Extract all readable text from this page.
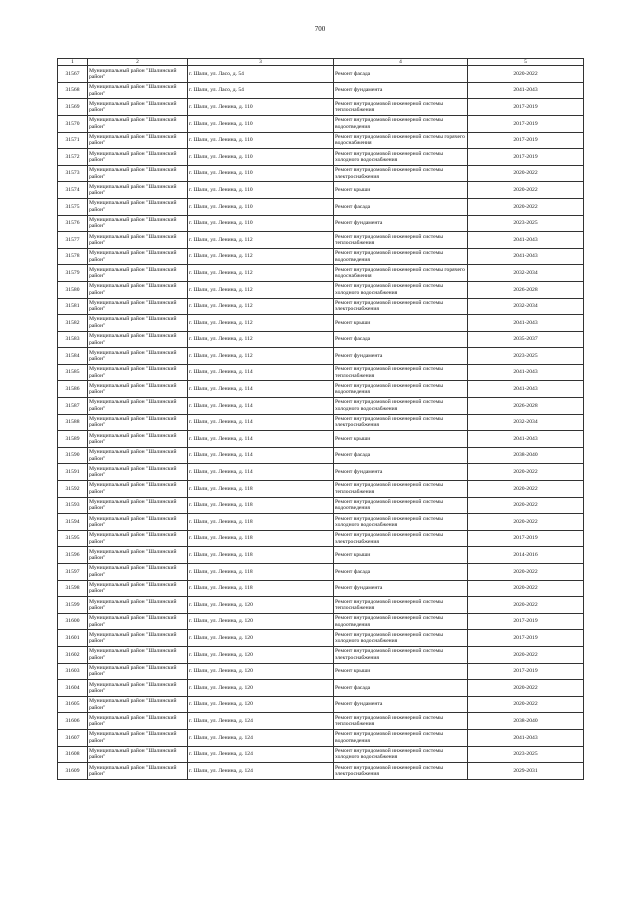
700
1	2	3	4	5
31567	Муниципальный район "Шалинский район"	г. Шали, ул. Ласо, д. 54	Ремонт фасада	2020-2022
31568	Муниципальный район "Шалинский район"	г. Шали, ул. Ласо, д. 54	Ремонт фундамента	2041-2043
31569	Муниципальный район "Шалинский район"	г. Шали, ул. Ленина, д. 110	Ремонт внутридомовой инженерной системы теплоснабжения	2017-2019
31570	Муниципальный район "Шалинский район"	г. Шали, ул. Ленина, д. 110	Ремонт внутридомовой инженерной системы водоотведения	2017-2019
31571	Муниципальный район "Шалинский район"	г. Шали, ул. Ленина, д. 110	Ремонт внутридомовой инженерной системы горячего водоснабжения	2017-2019
31572	Муниципальный район "Шалинский район"	г. Шали, ул. Ленина, д. 110	Ремонт внутридомовой инженерной системы холодного водоснабжения	2017-2019
31573	Муниципальный район "Шалинский район"	г. Шали, ул. Ленина, д. 110	Ремонт внутридомовой инженерной системы электроснабжения	2020-2022
31574	Муниципальный район "Шалинский район"	г. Шали, ул. Ленина, д. 110	Ремонт крыши	2020-2022
31575	Муниципальный район "Шалинский район"	г. Шали, ул. Ленина, д. 110	Ремонт фасада	2020-2022
31576	Муниципальный район "Шалинский район"	г. Шали, ул. Ленина, д. 110	Ремонт фундамента	2023-2025
31577	Муниципальный район "Шалинский район"	г. Шали, ул. Ленина, д. 112	Ремонт внутридомовой инженерной системы теплоснабжения	2041-2043
31578	Муниципальный район "Шалинский район"	г. Шали, ул. Ленина, д. 112	Ремонт внутридомовой инженерной системы водоотведения	2041-2043
31579	Муниципальный район "Шалинский район"	г. Шали, ул. Ленина, д. 112	Ремонт внутридомовой инженерной системы горячего водоснабжения	2032-2034
31580	Муниципальный район "Шалинский район"	г. Шали, ул. Ленина, д. 112	Ремонт внутридомовой инженерной системы холодного водоснабжения	2026-2028
31581	Муниципальный район "Шалинский район"	г. Шали, ул. Ленина, д. 112	Ремонт внутридомовой инженерной системы электроснабжения	2032-2034
31582	Муниципальный район "Шалинский район"	г. Шали, ул. Ленина, д. 112	Ремонт крыши	2041-2043
31583	Муниципальный район "Шалинский район"	г. Шали, ул. Ленина, д. 112	Ремонт фасада	2035-2037
31584	Муниципальный район "Шалинский район"	г. Шали, ул. Ленина, д. 112	Ремонт фундамента	2023-2025
31585	Муниципальный район "Шалинский район"	г. Шали, ул. Ленина, д. 114	Ремонт внутридомовой инженерной системы теплоснабжения	2041-2043
31586	Муниципальный район "Шалинский район"	г. Шали, ул. Ленина, д. 114	Ремонт внутридомовой инженерной системы водоотведения	2041-2043
31587	Муниципальный район "Шалинский район"	г. Шали, ул. Ленина, д. 114	Ремонт внутридомовой инженерной системы холодного водоснабжения	2026-2028
31588	Муниципальный район "Шалинский район"	г. Шали, ул. Ленина, д. 114	Ремонт внутридомовой инженерной системы электроснабжения	2032-2034
31589	Муниципальный район "Шалинский район"	г. Шали, ул. Ленина, д. 114	Ремонт крыши	2041-2043
31590	Муниципальный район "Шалинский район"	г. Шали, ул. Ленина, д. 114	Ремонт фасада	2038-2040
31591	Муниципальный район "Шалинский район"	г. Шали, ул. Ленина, д. 114	Ремонт фундамента	2020-2022
31592	Муниципальный район "Шалинский район"	г. Шали, ул. Ленина, д. 118	Ремонт внутридомовой инженерной системы теплоснабжения	2020-2022
31593	Муниципальный район "Шалинский район"	г. Шали, ул. Ленина, д. 118	Ремонт внутридомовой инженерной системы водоотведения	2020-2022
31594	Муниципальный район "Шалинский район"	г. Шали, ул. Ленина, д. 118	Ремонт внутридомовой инженерной системы холодного водоснабжения	2020-2022
31595	Муниципальный район "Шалинский район"	г. Шали, ул. Ленина, д. 118	Ремонт внутридомовой инженерной системы электроснабжения	2017-2019
31596	Муниципальный район "Шалинский район"	г. Шали, ул. Ленина, д. 118	Ремонт крыши	2014-2016
31597	Муниципальный район "Шалинский район"	г. Шали, ул. Ленина, д. 118	Ремонт фасада	2020-2022
31598	Муниципальный район "Шалинский район"	г. Шали, ул. Ленина, д. 118	Ремонт фундамента	2020-2022
31599	Муниципальный район "Шалинский район"	г. Шали, ул. Ленина, д. 120	Ремонт внутридомовой инженерной системы теплоснабжения	2020-2022
31600	Муниципальный район "Шалинский район"	г. Шали, ул. Ленина, д. 120	Ремонт внутридомовой инженерной системы водоотведения	2017-2019
31601	Муниципальный район "Шалинский район"	г. Шали, ул. Ленина, д. 120	Ремонт внутридомовой инженерной системы холодного водоснабжения	2017-2019
31602	Муниципальный район "Шалинский район"	г. Шали, ул. Ленина, д. 120	Ремонт внутридомовой инженерной системы электроснабжения	2020-2022
31603	Муниципальный район "Шалинский район"	г. Шали, ул. Ленина, д. 120	Ремонт крыши	2017-2019
31604	Муниципальный район "Шалинский район"	г. Шали, ул. Ленина, д. 120	Ремонт фасада	2020-2022
31605	Муниципальный район "Шалинский район"	г. Шали, ул. Ленина, д. 120	Ремонт фундамента	2020-2022
31606	Муниципальный район "Шалинский район"	г. Шали, ул. Ленина, д. 124	Ремонт внутридомовой инженерной системы теплоснабжения	2038-2040
31607	Муниципальный район "Шалинский район"	г. Шали, ул. Ленина, д. 124	Ремонт внутридомовой инженерной системы водоотведения	2041-2043
31608	Муниципальный район "Шалинский район"	г. Шали, ул. Ленина, д. 124	Ремонт внутридомовой инженерной системы холодного водоснабжения	2023-2025
31609	Муниципальный район "Шалинский район"	г. Шали, ул. Ленина, д. 124	Ремонт внутридомовой инженерной системы электроснабжения	2029-2031
